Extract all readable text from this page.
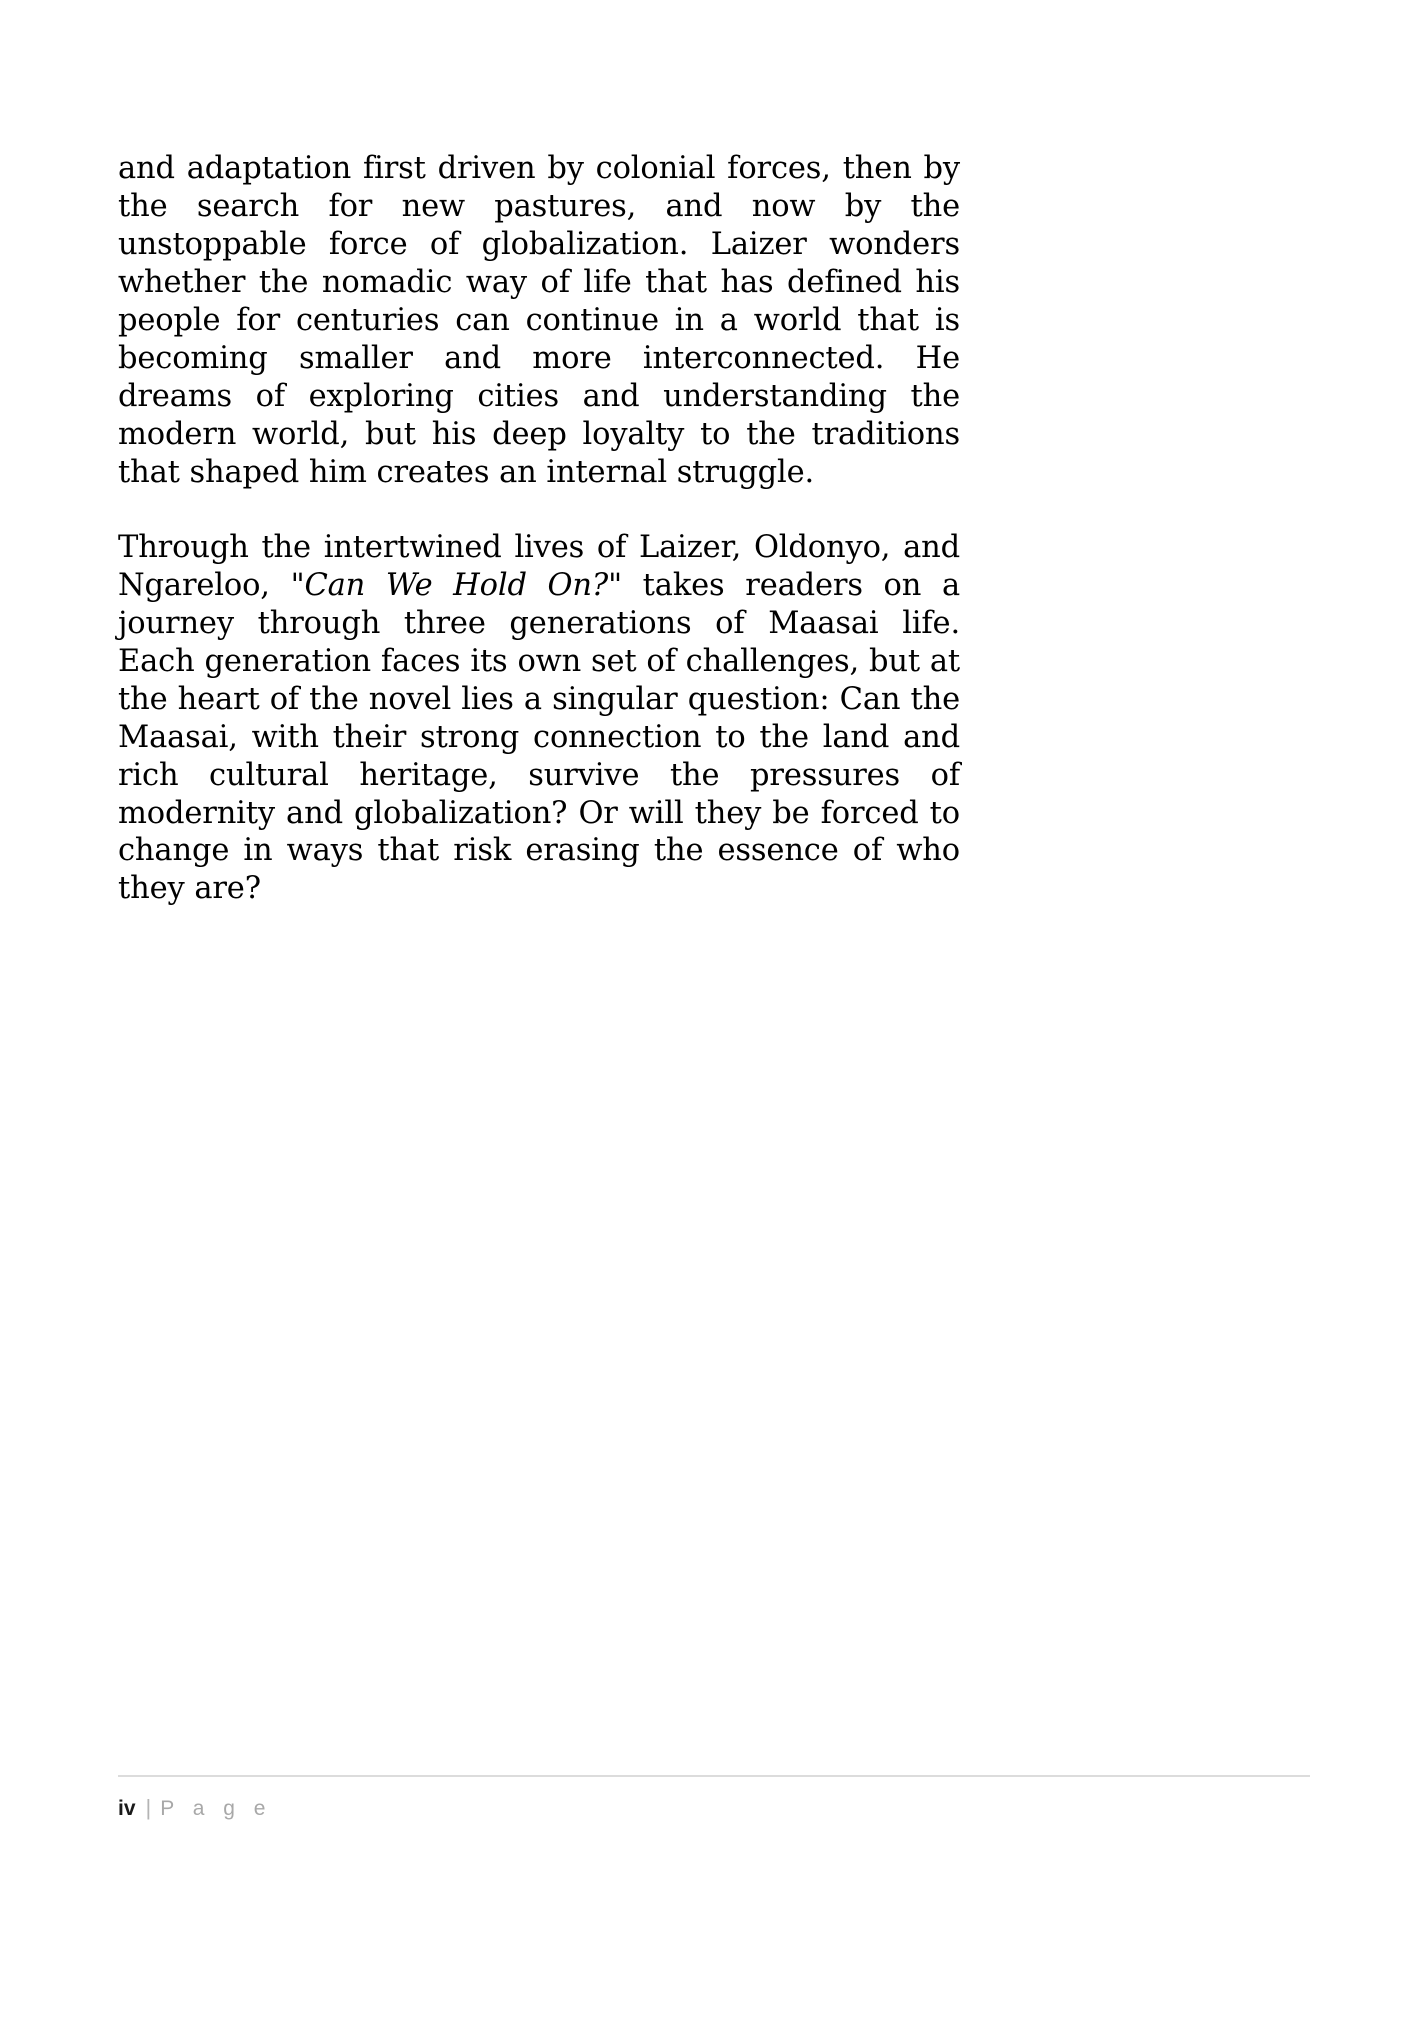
and adaptation first driven by colonial forces, then by the search for new pastures, and now by the unstoppable force of globalization. Laizer wonders whether the nomadic way of life that has defined his people for centuries can continue in a world that is becoming smaller and more interconnected. He dreams of exploring cities and understanding the modern world, but his deep loyalty to the traditions that shaped him creates an internal struggle.

Through the intertwined lives of Laizer, Oldonyo, and Ngareloo, "Can We Hold On?" takes readers on a journey through three generations of Maasai life. Each generation faces its own set of challenges, but at the heart of the novel lies a singular question: Can the Maasai, with their strong connection to the land and rich cultural heritage, survive the pressures of modernity and globalization? Or will they be forced to change in ways that risk erasing the essence of who they are?

iv | P a g e
